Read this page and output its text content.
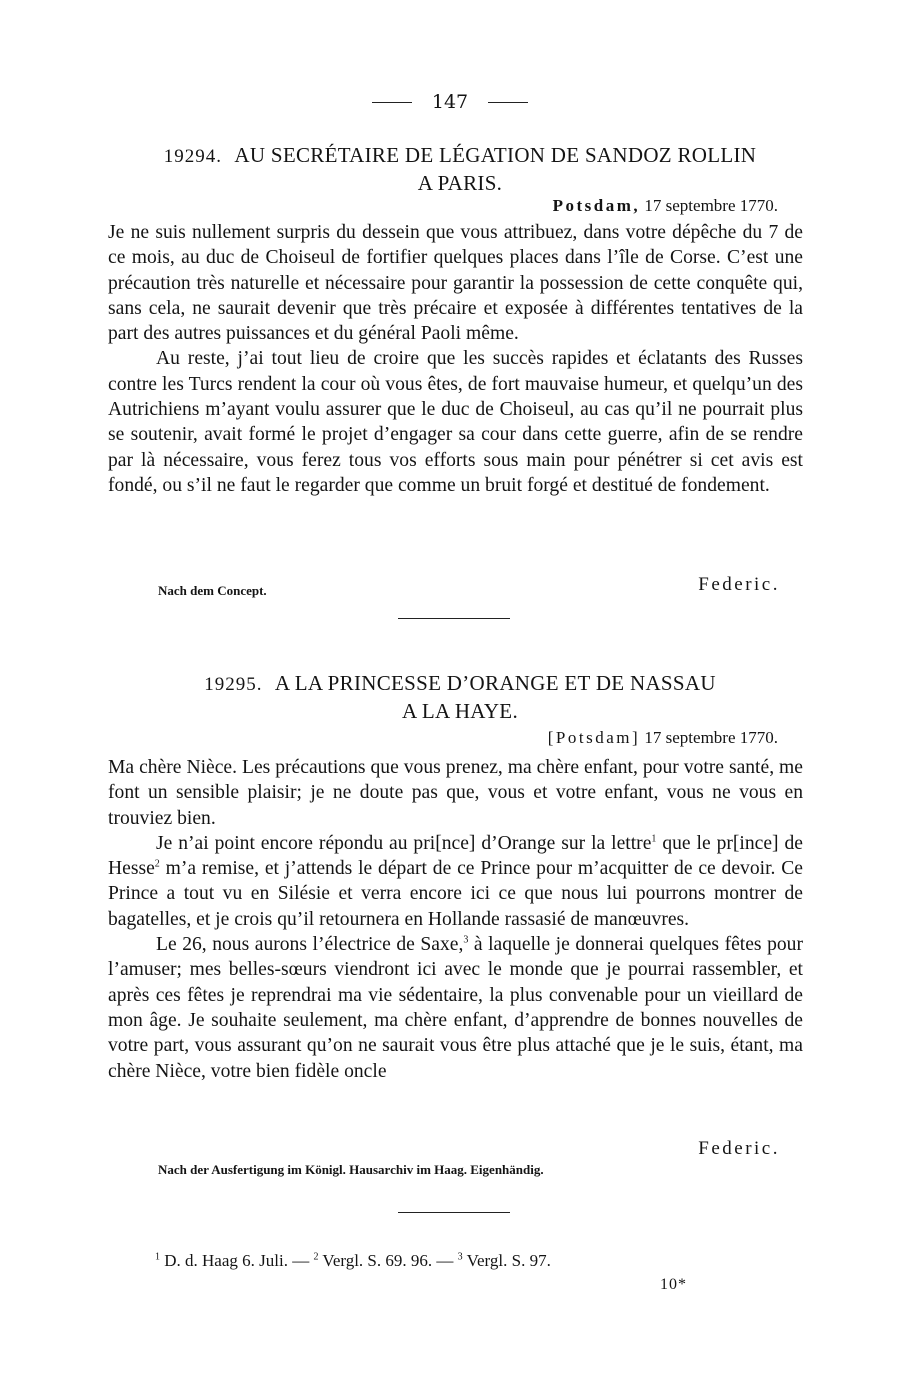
147
19294. AU SECRÉTAIRE DE LÉGATION DE SANDOZ ROLLIN
A PARIS.
Potsdam, 17 septembre 1770.

Je ne suis nullement surpris du dessein que vous attribuez, dans votre dépêche du 7 de ce mois, au duc de Choiseul de fortifier quelques places dans l’île de Corse. C’est une précaution très naturelle et nécessaire pour garantir la possession de cette conquête qui, sans cela, ne saurait devenir que très précaire et exposée à différentes tentatives de la part des autres puissances et du général Paoli même.

Au reste, j’ai tout lieu de croire que les succès rapides et éclatants des Russes contre les Turcs rendent la cour où vous êtes, de fort mauvaise humeur, et quelqu’un des Autrichiens m’ayant voulu assurer que le duc de Choiseul, au cas qu’il ne pourrait plus se soutenir, avait formé le projet d’engager sa cour dans cette guerre, afin de se rendre par là nécessaire, vous ferez tous vos efforts sous main pour pénétrer si cet avis est fondé, ou s’il ne faut le regarder que comme un bruit forgé et destitué de fondement.

Nach dem Concept.	Federic.
19295. A LA PRINCESSE D’ORANGE ET DE NASSAU
A LA HAYE.
[Potsdam] 17 septembre 1770.

Ma chère Nièce. Les précautions que vous prenez, ma chère enfant, pour votre santé, me font un sensible plaisir; je ne doute pas que, vous et votre enfant, vous ne vous en trouviez bien.

Je n’ai point encore répondu au pri[nce] d’Orange sur la lettre$^1$ que le pr[ince] de Hesse$^2$ m’a remise, et j’attends le départ de ce Prince pour m’acquitter de ce devoir. Ce Prince a tout vu en Silésie et verra encore ici ce que nous lui pourrons montrer de bagatelles, et je crois qu’il retournera en Hollande rassasié de manœuvres.

Le 26, nous aurons l’électrice de Saxe,$^3$ à laquelle je donnerai quelques fêtes pour l’amuser; mes belles-sœurs viendront ici avec le monde que je pourrai rassembler, et après ces fêtes je reprendrai ma vie sédentaire, la plus convenable pour un vieillard de mon âge. Je souhaite seulement, ma chère enfant, d’apprendre de bonnes nouvelles de votre part, vous assurant qu’on ne saurait vous être plus attaché que je le suis, étant, ma chère Nièce, votre bien fidèle oncle

Federic.
Nach der Ausfertigung im Königl. Hausarchiv im Haag. Eigenhändig.
$^1$ D. d. Haag 6. Juli. — $^2$ Vergl. S. 69. 96. — $^3$ Vergl. S. 97.
10*
